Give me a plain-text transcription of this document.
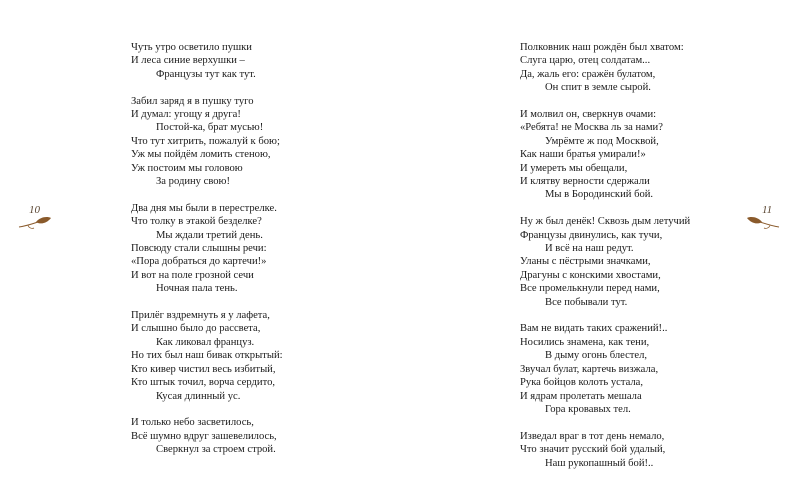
10
Чуть утро осветило пушки
И леса синие верхушки –
Французы тут как тут.
Забил заряд я в пушку туго
И думал: угощу я друга!
Постой-ка, брат мусью!
Что тут хитрить, пожалуй к бою;
Уж мы пойдём ломить стеною,
Уж постоим мы головою
За родину свою!
Два дня мы были в перестрелке.
Что толку в этакой безделке?
Мы ждали третий день.
Повсюду стали слышны речи:
«Пора добраться до картечи!»
И вот на поле грозной сечи
Ночная пала тень.
Прилёг вздремнуть я у лафета,
И слышно было до рассвета,
Как ликовал француз.
Но тих был наш бивак открытый:
Кто кивер чистил весь избитый,
Кто штык точил, ворча сердито,
Кусая длинный ус.
И только небо засветилось,
Всё шумно вдруг зашевелилось,
Сверкнул за строем строй.
Полковник наш рождён был хватом:
Слуга царю, отец солдатам...
Да, жаль его: сражён булатом,
Он спит в земле сырой.
И молвил он, сверкнув очами:
«Ребята! не Москва ль за нами?
Умрёмте ж под Москвой,
Как наши братья умирали!»
И умереть мы обещали,
И клятву верности сдержали
Мы в Бородинский бой.
Ну ж был денёк! Сквозь дым летучий
Французы двинулись, как тучи,
И всё на наш редут.
Уланы с пёстрыми значками,
Драгуны с конскими хвостами,
Все промелькнули перед нами,
Все побывали тут.
Вам не видать таких сражений!..
Носились знамена, как тени,
В дыму огонь блестел,
Звучал булат, картечь визжала,
Рука бойцов колоть устала,
И ядрам пролетать мешала
Гора кровавых тел.
Изведал враг в тот день немало,
Что значит русский бой удалый,
Наш рукопашный бой!..
11
